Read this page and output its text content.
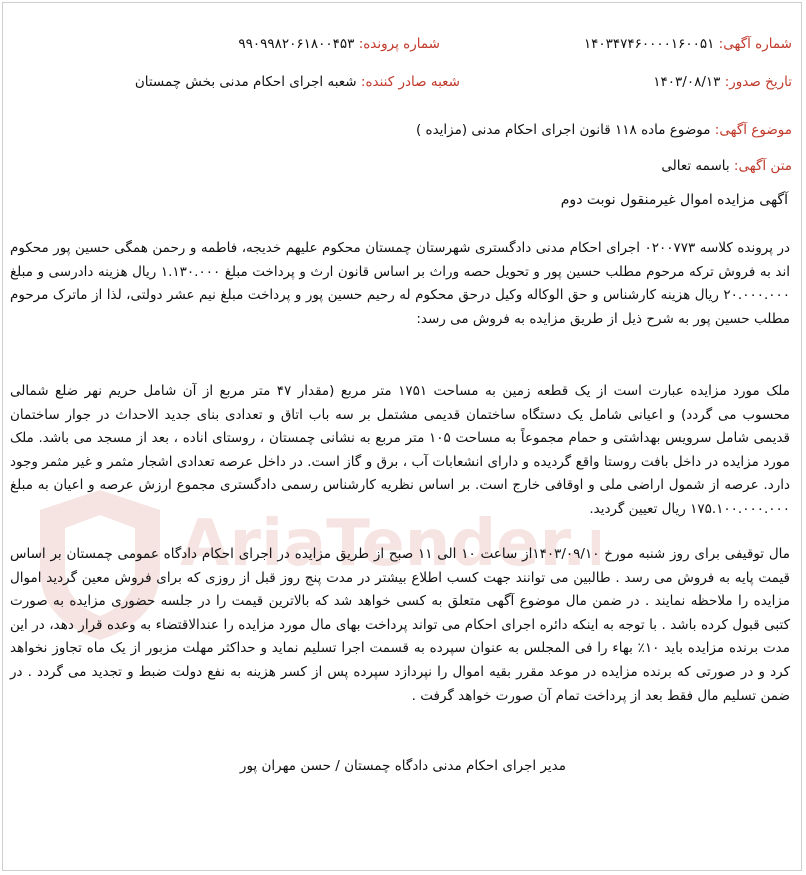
AriaTender.
شماره آگهی: ۱۴۰۳۴۷۴۶۰۰۰۰۱۶۰۰۵۱
شماره پرونده: ۹۹۰۹۹۸۲۰۶۱۸۰۰۴۵۳
تاریخ صدور: ۱۴۰۳/۰۸/۱۳
شعبه صادر کننده: شعبه اجرای احکام مدنی بخش چمستان
موضوع آگهی: موضوع ماده ۱۱۸ قانون اجرای احکام مدنی (مزایده )
متن آگهی: باسمه تعالی
آگهی مزایده اموال غیرمنقول نوبت دوم
در پرونده کلاسه ۰۲۰۰۷۷۳ اجرای احکام مدنی دادگستری شهرستان چمستان محکوم علیهم خدیجه، فاطمه و رحمن همگی حسین پور محکوم اند به فروش ترکه مرحوم مطلب حسین پور و تحویل حصه وراث بر اساس قانون ارث و پرداخت مبلغ ۱.۱۳۰.۰۰۰ ریال هزینه دادرسی و مبلغ ۲۰.۰۰۰.۰۰۰ ریال هزینه کارشناس و حق الوکاله وکیل درحق محکوم له رحیم حسین پور و پرداخت مبلغ نیم عشر دولتی، لذا از ماترک مرحوم مطلب حسین پور به شرح ذیل از طریق مزایده به فروش می رسد:
ملک مورد مزایده عبارت است از یک قطعه زمین به مساحت ۱۷۵۱ متر مربع (مقدار ۴۷ متر مربع از آن شامل حریم نهر ضلع شمالی محسوب می گردد) و اعیانی شامل یک دستگاه ساختمان قدیمی مشتمل بر سه باب اتاق و تعدادی بنای جدید الاحداث در جوار ساختمان قدیمی شامل سرویس بهداشتی و حمام مجموعاً به مساحت ۱۰۵ متر مربع به نشانی چمستان ، روستای اناده ، بعد از مسجد می باشد. ملک مورد مزایده در داخل بافت روستا واقع گردیده و دارای انشعابات آب ، برق و گاز است. در داخل عرصه تعدادی اشجار مثمر و غیر مثمر وجود دارد. عرصه از شمول اراضی ملی و اوقافی خارج است. بر اساس نظریه کارشناس رسمی دادگستری مجموع ارزش عرصه و اعیان به مبلغ ۱۷۵.۱۰۰.۰۰۰.۰۰۰ ریال تعیین گردید.
مال توقیفی برای روز شنبه مورخ ۱۴۰۳/۰۹/۱۰از ساعت ۱۰ الی ۱۱ صبح از طریق مزایده در اجرای احکام دادگاه عمومی چمستان بر اساس قیمت پایه به فروش می رسد . طالبین می توانند جهت کسب اطلاع بیشتر در مدت پنج روز قبل از روزی که برای فروش معین گردید اموال مزایده را ملاحظه نمایند . در ضمن مال موضوع آگهی متعلق به کسی خواهد شد که بالاترین قیمت را در جلسه حضوری مزایده به صورت کتبی قبول کرده باشد . با توجه به اینکه دائره اجرای احکام می تواند پرداخت بهای مال مورد مزایده را عندالاقتضاء به وعده قرار دهد، در این مدت برنده مزایده باید ۱۰٪ بهاء را فی المجلس به عنوان سپرده به قسمت اجرا تسلیم نماید و حداکثر مهلت مزبور از یک ماه تجاوز نخواهد کرد و در صورتی که برنده مزایده در موعد مقرر بقیه اموال را نپردازد سپرده پس از کسر هزینه به نفع دولت ضبط و تجدید می گردد . در ضمن تسلیم مال فقط بعد از پرداخت تمام آن صورت خواهد گرفت .
مدیر اجرای احکام مدنی دادگاه چمستان / حسن مهران پور
